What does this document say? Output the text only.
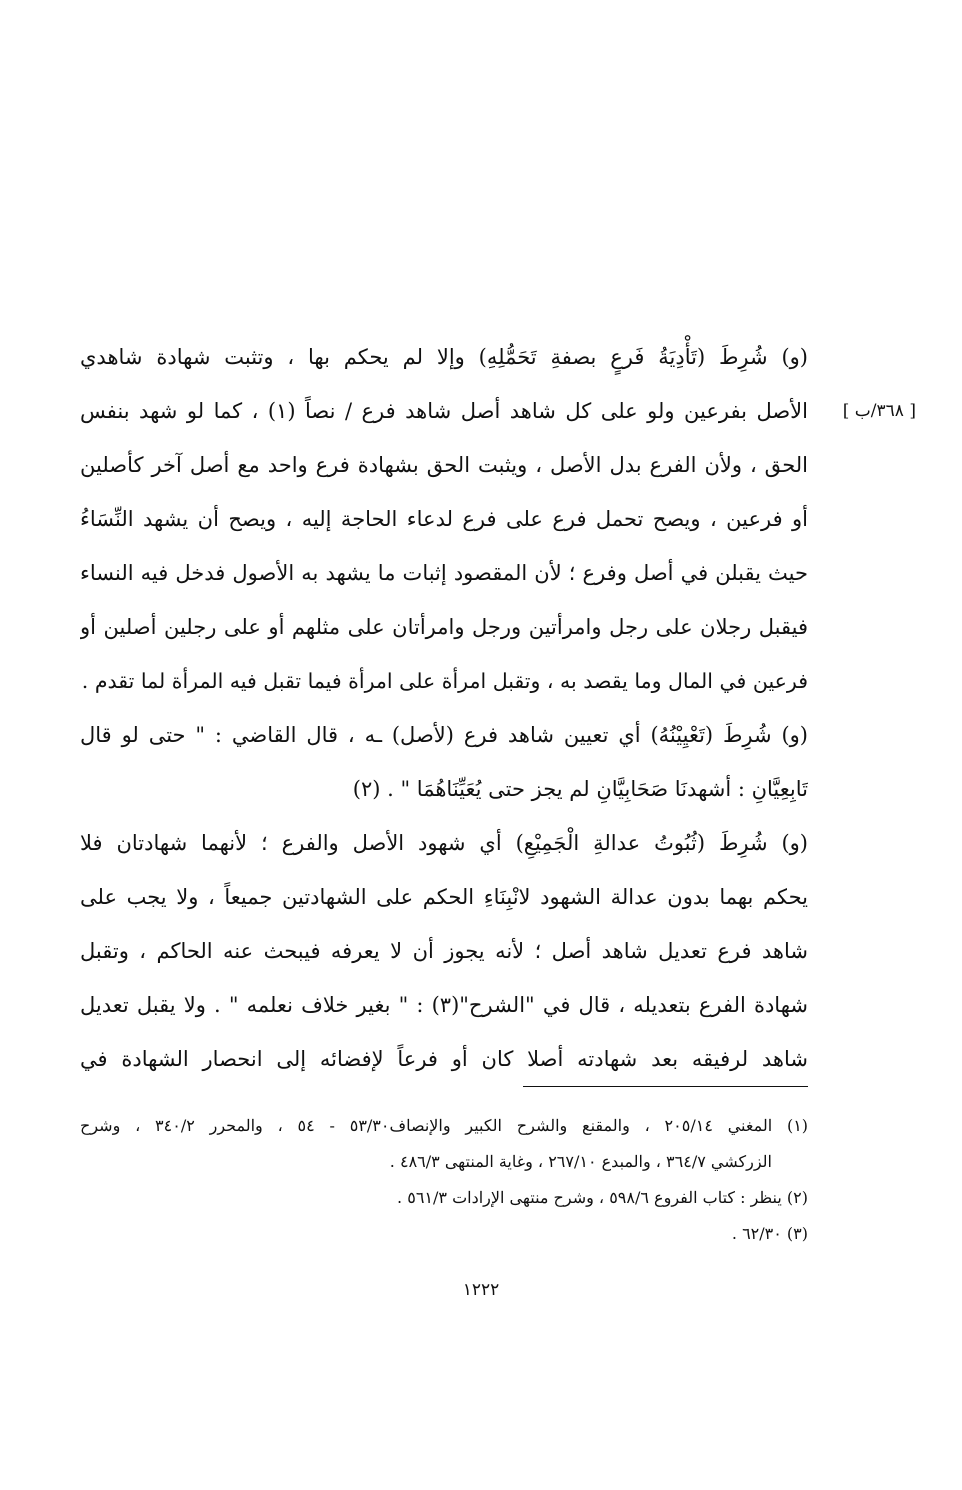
[ ٣٦٨/ب ]
(و) شُرِطَ (تَأْدِيَةُ فَرعٍ بصفةِ تَحَمُّلِهِ) وإلا لم يحكم بها ، وتثبت شهادة شاهدي
الأصل بفرعين ولو على كل شاهد أصل شاهد فرع / نصاً (١) ، كما لو شهد بنفس
الحق ، ولأن الفرع بدل الأصل ، ويثبت الحق بشهادة فرع واحد مع أصل آخر كأصلين
أو فرعين ، ويصح تحمل فرع على فرع لدعاء الحاجة إليه ، ويصح أن يشهد النِّسَاءُ
حيث يقبلن في أصل وفرع ؛ لأن المقصود إثبات ما يشهد به الأصول فدخل فيه النساء
فيقبل رجلان على رجل وامرأتين ورجل وامرأتان على مثلهم أو على رجلين أصلين أو
فرعين في المال وما يقصد به ، وتقبل امرأة على امرأة فيما تقبل فيه المرأة لما تقدم .
(و) شُرِطَ (تَعْيِيْنُهُ) أي تعيين شاهد فرع (لأصل) ـه ، قال القاضي : " حتى لو قال
تَابِعِيَّانِ : أشهدنَا صَحَابِيَّانِ لم يجز حتى يُعَيِّنَاهُمَا " . (٢)
(و) شُرِطَ (ثُبُوتُ عدالةِ الْجَمِيْعِ) أي شهود الأصل والفرع ؛ لأنهما شهادتان فلا
يحكم بهما بدون عدالة الشهود لانْبِنَاءِ الحكم على الشهادتين جميعاً ، ولا يجب على
شاهد فرع تعديل شاهد أصل ؛ لأنه يجوز أن لا يعرفه فيبحث عنه الحاكم ، وتقبل
شهادة الفرع بتعديله ، قال في "الشرح"(٣) : " بغير خلاف نعلمه " . ولا يقبل تعديل
شاهد لرفيقه بعد شهادته أصلا كان أو فرعاً لإفضائه إلى انحصار الشهادة في
(١) المغني ٢٠٥/١٤ ، والمقنع والشرح الكبير والإنصاف٥٣/٣٠ - ٥٤ ، والمحرر ٣٤٠/٢ ، وشرح
الزركشي ٣٦٤/٧ ، والمبدع ٢٦٧/١٠ ، وغاية المنتهى ٤٨٦/٣ .
(٢) ينظر : كتاب الفروع ٥٩٨/٦ ، وشرح منتهى الإرادات ٥٦١/٣ .
(٣) ٦٢/٣٠ .
١٢٢٢
